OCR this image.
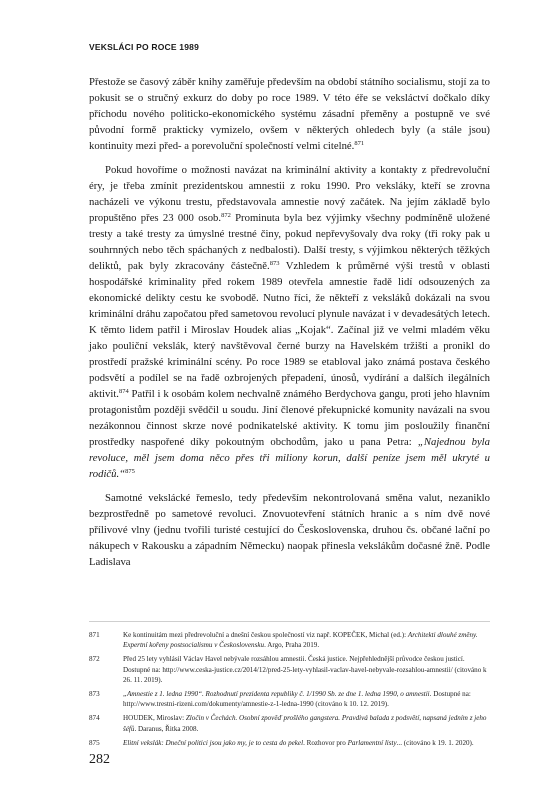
VEKSLÁCI PO ROCE 1989

Přestože se časový záběr knihy zaměřuje především na období státního socialismu, stojí za to pokusit se o stručný exkurz do doby po roce 1989. V této éře se veksláctví dočkalo díky příchodu nového politicko-ekonomického systému zásadní přeměny a postupně ve své původní formě prakticky vymizelo, ovšem v některých ohledech byly (a stále jsou) kontinuity mezi před- a porevoluční společností velmi citelné.$^{871}$

Pokud hovoříme o možnosti navázat na kriminální aktivity a kontakty z předrevoluční éry, je třeba zmínit prezidentskou amnestii z roku 1990. Pro veksláky, kteří se zrovna nacházeli ve výkonu trestu, představovala amnestie nový začátek. Na jejím základě bylo propuštěno přes 23 000 osob.$^{872}$ Prominuta byla bez výjimky všechny podmíněně uložené tresty a také tresty za úmyslné trestné činy, pokud nepřevyšovaly dva roky (tři roky pak u souhrnných nebo těch spáchaných z nedbalosti). Další tresty, s výjimkou některých těžkých deliktů, pak byly zkracovány částečně.$^{873}$ Vzhledem k průměrné výši trestů v oblasti hospodářské kriminality před rokem 1989 otevřela amnestie řadě lidí odsouzených za ekonomické delikty cestu ke svobodě. Nutno říci, že někteří z veksláků dokázali na svou kriminální dráhu započatou před sametovou revolucí plynule navázat i v devadesátých letech. K těmto lidem patřil i Miroslav Houdek alias „Kojak“. Začínal již ve velmi mladém věku jako pouliční vekslák, který navštěvoval černé burzy na Havelském tržišti a pronikl do prostředí pražské kriminální scény. Po roce 1989 se etabloval jako známá postava českého podsvětí a podílel se na řadě ozbrojených přepadení, únosů, vydírání a dalších ilegálních aktivit.$^{874}$ Patřil i k osobám kolem nechvalně známého Berdychova gangu, proti jeho hlavním protagonistům později svědčil u soudu. Jiní členové překupnické komunity navázali na svou nezákonnou činnost skrze nové podnikatelské aktivity. K tomu jim posloužily finanční prostředky naspořené díky pokoutným obchodům, jako u pana Petra: „Najednou byla revoluce, měl jsem doma něco přes tři miliony korun, další peníze jsem měl ukryté u rodičů.“$^{875}$

Samotné vekslácké řemeslo, tedy především nekontrolovaná směna valut, nezaniklo bezprostředně po sametové revoluci. Znovuotevření státních hranic a s ním dvě nové přílivové vlny (jednu tvořili turisté cestující do Československa, druhou čs. občané lační po nákupech v Rakousku a západním Německu) naopak přinesla vekslákům dočasné žně. Podle Ladislava

871	Ke kontinuitám mezi předrevoluční a dnešní českou společností viz např. KOPEČEK, Michal (ed.): Architekti dlouhé změny. Expertní kořeny postsocialismu v Československu. Argo, Praha 2019.
872	Před 25 lety vyhlásil Václav Havel nebývale rozsáhlou amnestii. Česká justice. Nejpřehlednější průvodce českou justicí. Dostupné na: http://www.ceska-justice.cz/2014/12/pred-25-lety-vyhlasil-vaclav-havel-nebyvale-rozsahlou-amnestii/ (citováno k 26. 11. 2019).
873	„Amnestie z 1. ledna 1990“. Rozhodnutí prezidenta republiky č. 1/1990 Sb. ze dne 1. ledna 1990, o amnestii. Dostupné na: http://www.trestni-rizeni.com/dokumenty/amnestie-z-1-ledna-1990 (citováno k 10. 12. 2019).
874	HOUDEK, Miroslav: Zločin v Čechách. Osobní zpověď prošlého gangstera. Pravdivá balada z podsvětí, napsaná jedním z jeho šéfů. Daranus, Řitka 2008.
875	Elitní vekslák: Dneční politici jsou jako my, je to cesta do pekel. Rozhovor pro Parlamentní listy... (citováno k 19. 1. 2020).
282
